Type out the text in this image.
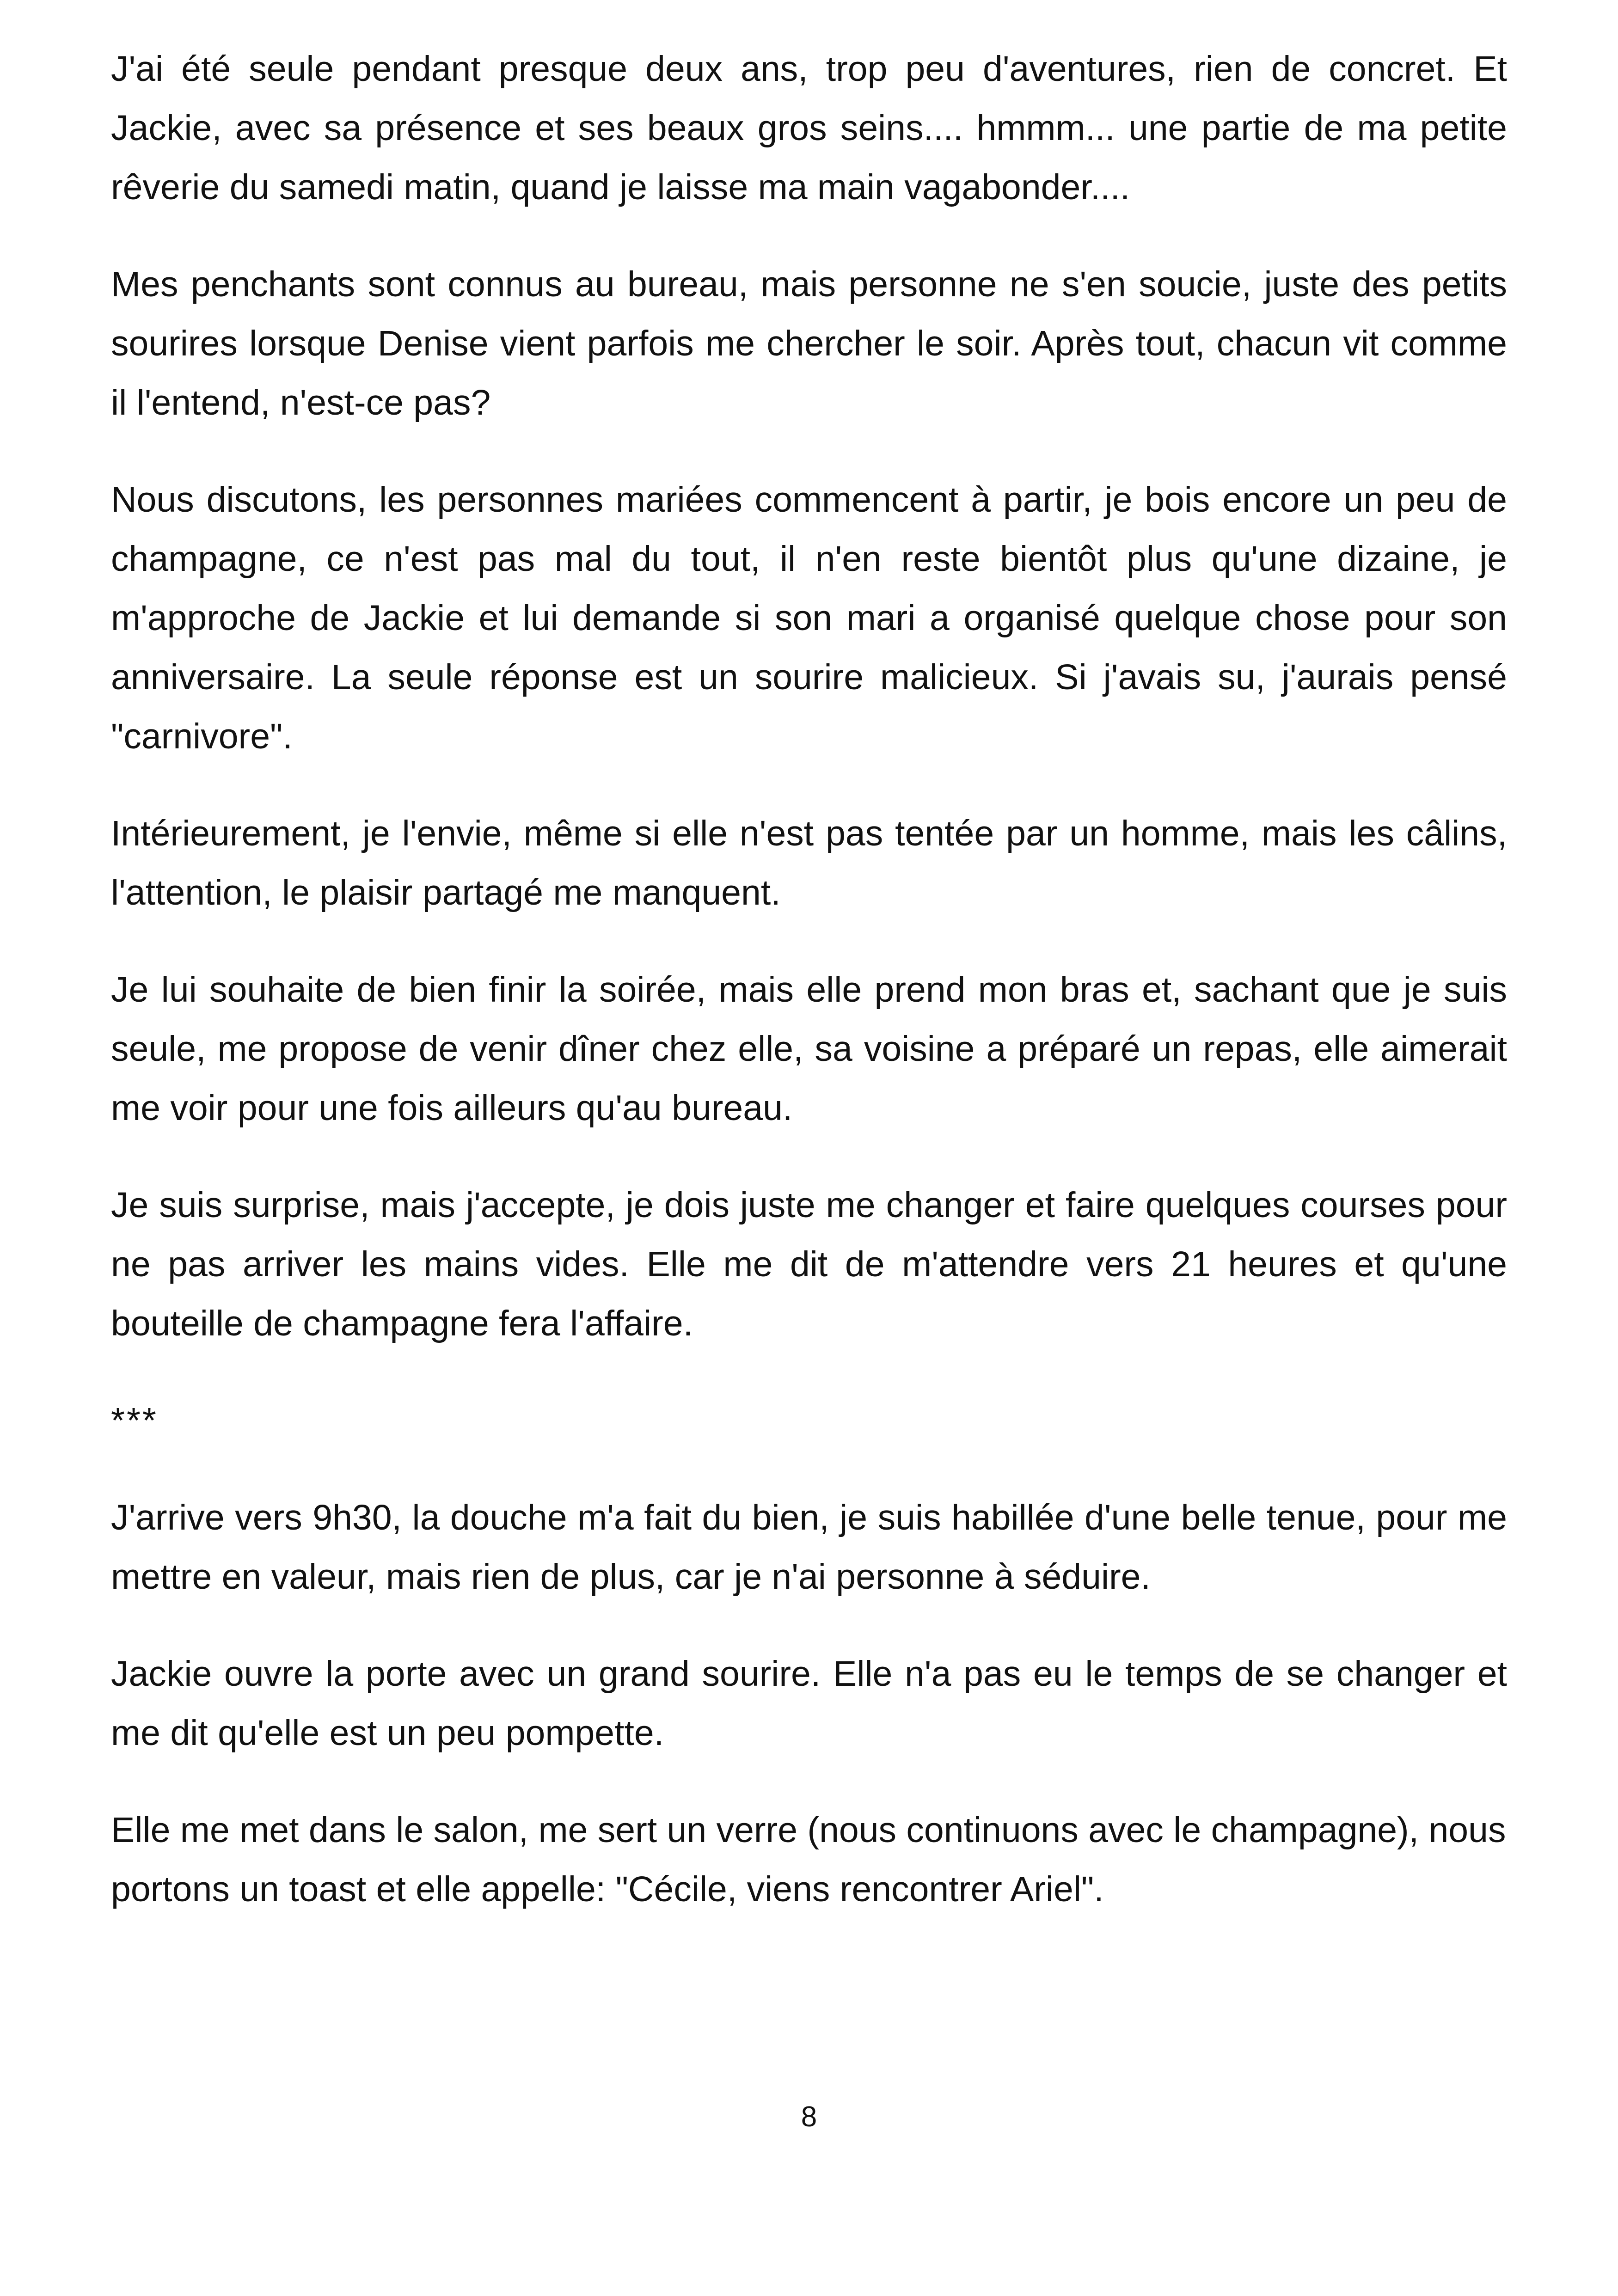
J'ai été seule pendant presque deux ans, trop peu d'aventures, rien de concret. Et Jackie, avec sa présence et ses beaux gros seins.... hmmm... une partie de ma petite rêverie du samedi matin, quand je laisse ma main vagabonder....

Mes penchants sont connus au bureau, mais personne ne s'en soucie, juste des petits sourires lorsque Denise vient parfois me chercher le soir. Après tout, chacun vit comme il l'entend, n'est-ce pas?

Nous discutons, les personnes mariées commencent à partir, je bois encore un peu de champagne, ce n'est pas mal du tout, il n'en reste bientôt plus qu'une dizaine, je m'approche de Jackie et lui demande si son mari a organisé quelque chose pour son anniversaire. La seule réponse est un sourire malicieux. Si j'avais su, j'aurais pensé "carnivore".

Intérieurement, je l'envie, même si elle n'est pas tentée par un homme, mais les câlins, l'attention, le plaisir partagé me manquent.

Je lui souhaite de bien finir la soirée, mais elle prend mon bras et, sachant que je suis seule, me propose de venir dîner chez elle, sa voisine a préparé un repas, elle aimerait me voir pour une fois ailleurs qu'au bureau.

Je suis surprise, mais j'accepte, je dois juste me changer et faire quelques courses pour ne pas arriver les mains vides. Elle me dit de m'attendre vers 21 heures et qu'une bouteille de champagne fera l'affaire.

***

J'arrive vers 9h30, la douche m'a fait du bien, je suis habillée d'une belle tenue, pour me mettre en valeur, mais rien de plus, car je n'ai personne à séduire.

Jackie ouvre la porte avec un grand sourire. Elle n'a pas eu le temps de se changer et me dit qu'elle est un peu pompette.

Elle me met dans le salon, me sert un verre (nous continuons avec le champagne), nous portons un toast et elle appelle: "Cécile, viens rencontrer Ariel".

8
